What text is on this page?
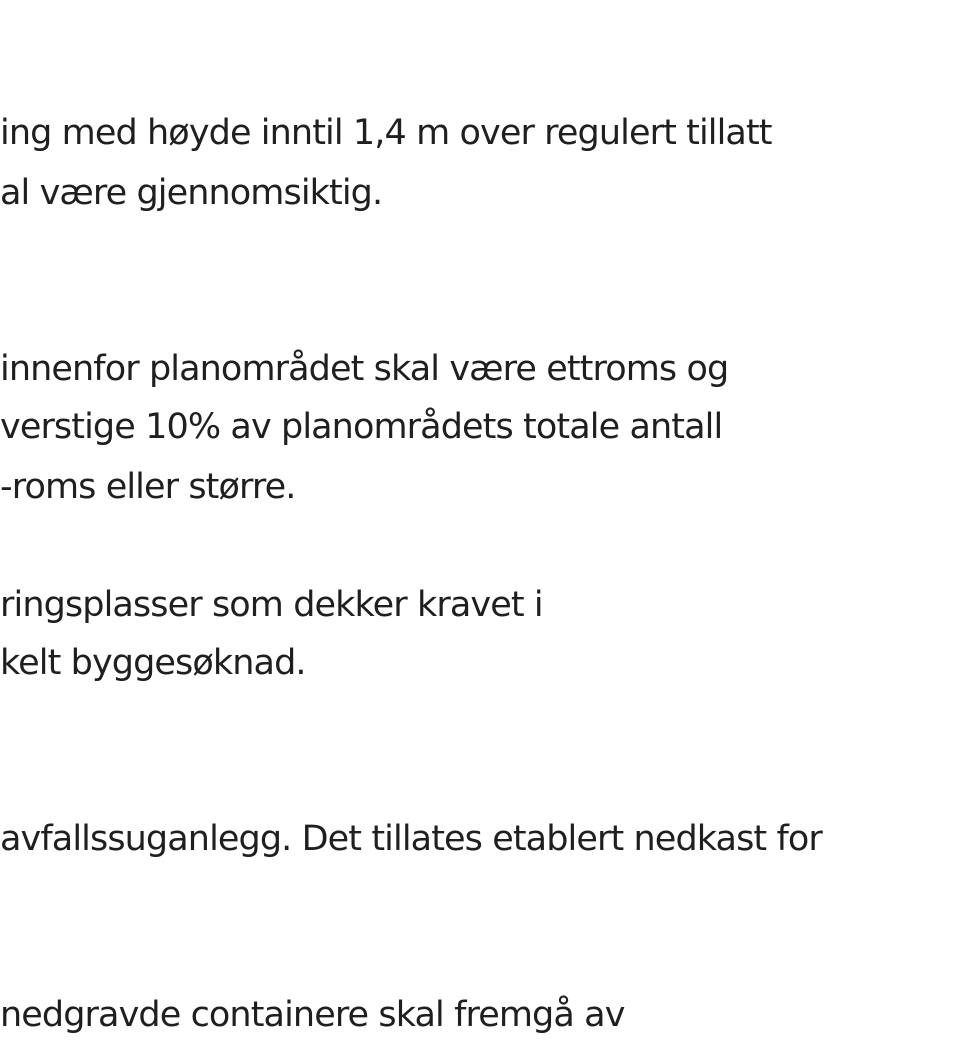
ing med høyde inntil 1,4 m over regulert tillatt

al være gjennomsiktig.

innenfor planområdet skal være ettroms og

verstige 10% av planområdets totale antall

-roms eller større.

ringsplasser som dekker kravet i

kelt byggesøknad.

avfallssuganlegg. Det tillates etablert nedkast for

nedgravde containere skal fremgå av
